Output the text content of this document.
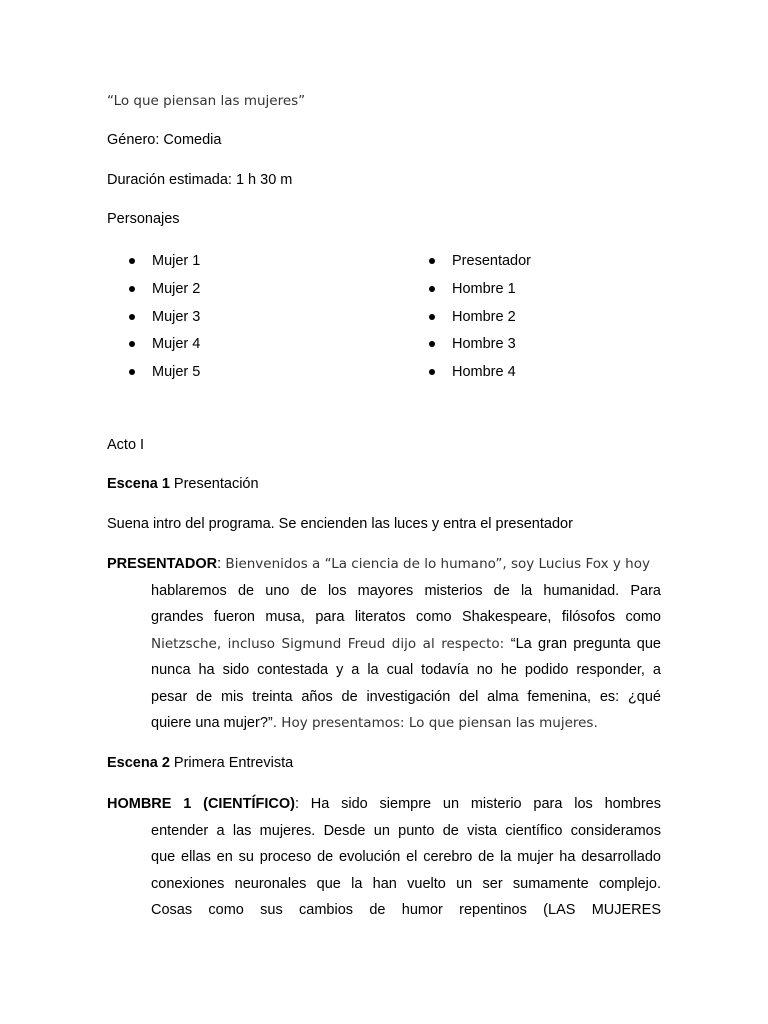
“Lo que piensan las mujeres”
Género: Comedia
Duración estimada: 1 h 30 m
Personajes
Mujer 1
Mujer 2
Mujer 3
Mujer 4
Mujer 5
Presentador
Hombre 1
Hombre 2
Hombre 3
Hombre 4
Acto I
Escena 1 Presentación
Suena intro del programa. Se encienden las luces y entra el presentador
PRESENTADOR: Bienvenidos a “La ciencia de lo humano”, soy Lucius Fox y hoy
hablaremos de uno de los mayores misterios de la humanidad. Para
grandes fueron musa, para literatos como Shakespeare, filósofos como
Nietzsche, incluso Sigmund Freud dijo al respecto: “La gran pregunta que
nunca ha sido contestada y a la cual todavía no he podido responder, a
pesar de mis treinta años de investigación del alma femenina, es: ¿qué
quiere una mujer?”. Hoy presentamos: Lo que piensan las mujeres.
Escena 2 Primera Entrevista
HOMBRE 1 (CIENTÍFICO): Ha sido siempre un misterio para los hombres
entender a las mujeres. Desde un punto de vista científico consideramos
que ellas en su proceso de evolución el cerebro de la mujer ha desarrollado
conexiones neuronales que la han vuelto un ser sumamente complejo.
Cosas como sus cambios de humor repentinos (LAS MUJERES
